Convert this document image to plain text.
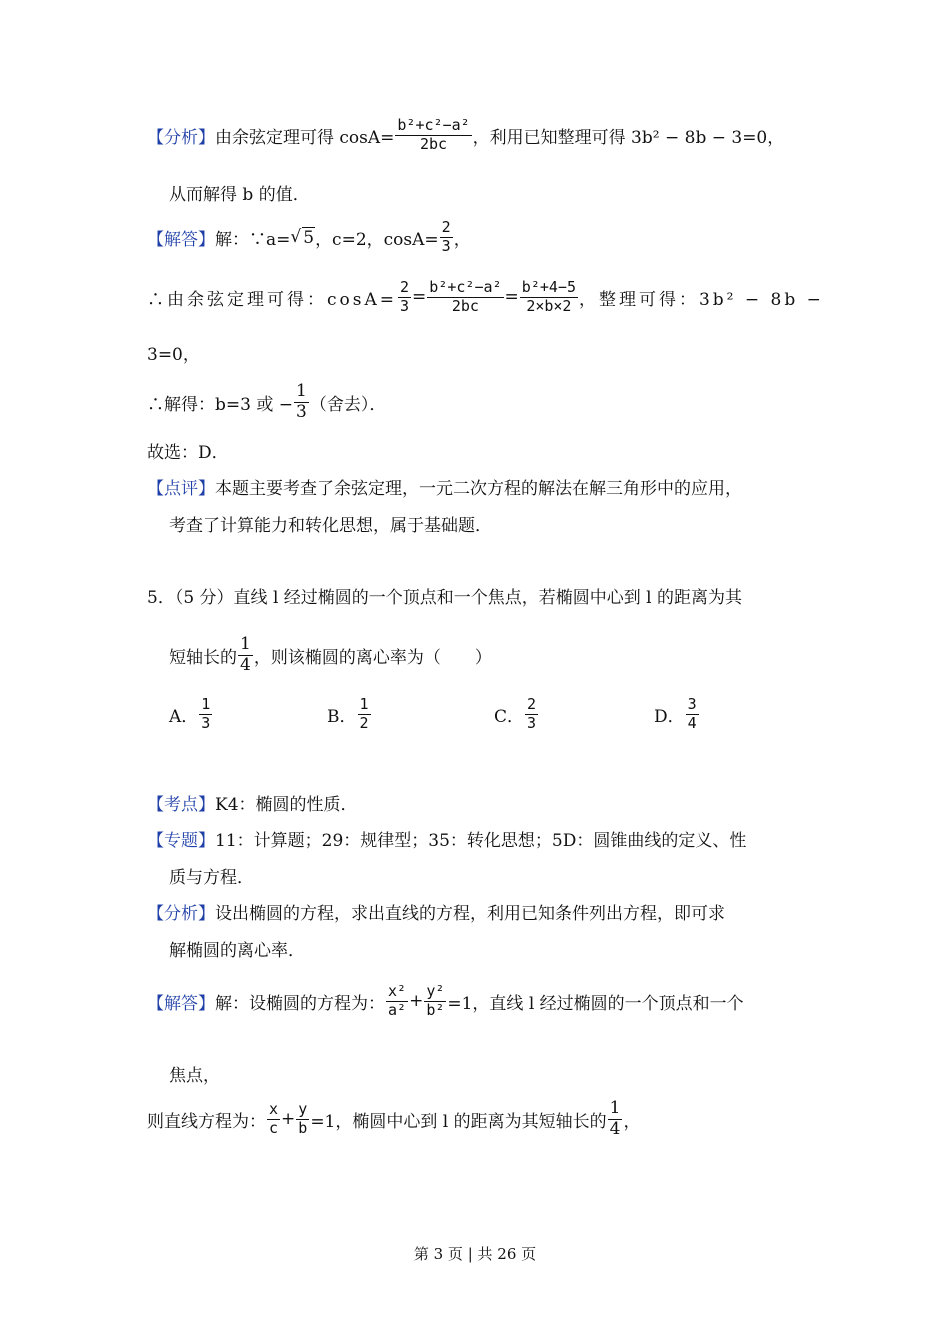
【分析】 由余弦定理可得 $\cos A= \frac{\text{b²+c²−a²}}{2bc}$ ，利用已知整理可得 3b² − 8b − 3=0，
从而解得 b 的值．
【解答】 解：∵a= √ 5 ，c=2，$\cos A= \frac{2}{3}$ ，
∴由余弦定理可得：$\cos A= \frac{2}{3} = \frac{\text{b²+c²−a²}}{2bc} = \frac{\text{b²+4−5}}{2\times b\times 2}$ ，整理可得：3b² − 8b −
3=0，
∴解得：b=3 或 − $\frac{1}{3}$ （舍去）．
故选：D．
【点评】 本题主要考查了余弦定理，一元二次方程的解法在解三角形中的应用，
考查了计算能力和转化思想，属于基础题．
5．（5 分）直线 l 经过椭圆的一个顶点和一个焦点，若椭圆中心到 l 的距离为其
短轴长的 $\frac{1}{4}$ ，则该椭圆的离心率为（　　）
A． $\frac{1}{3}$	B． $\frac{1}{2}$	C． $\frac{2}{3}$	D． $\frac{3}{4}$
【考点】 K4：椭圆的性质．
【专题】 11：计算题；29：规律型；35：转化思想；5D：圆锥曲线的定义、性
质与方程．
【分析】 设出椭圆的方程，求出直线的方程，利用已知条件列出方程，即可求
解椭圆的离心率．
【解答】 解：设椭圆的方程为： $\frac{\text{x²}}{\text{a²}} + \frac{\text{y²}}{\text{b²}} =1$，直线 l 经过椭圆的一个顶点和一个
焦点，
则直线方程为： $\frac{x}{c} + \frac{y}{b} =1$，椭圆中心到 l 的距离为其短轴长的 $\frac{1}{4}$ ，
第 3 页 | 共 26 页
